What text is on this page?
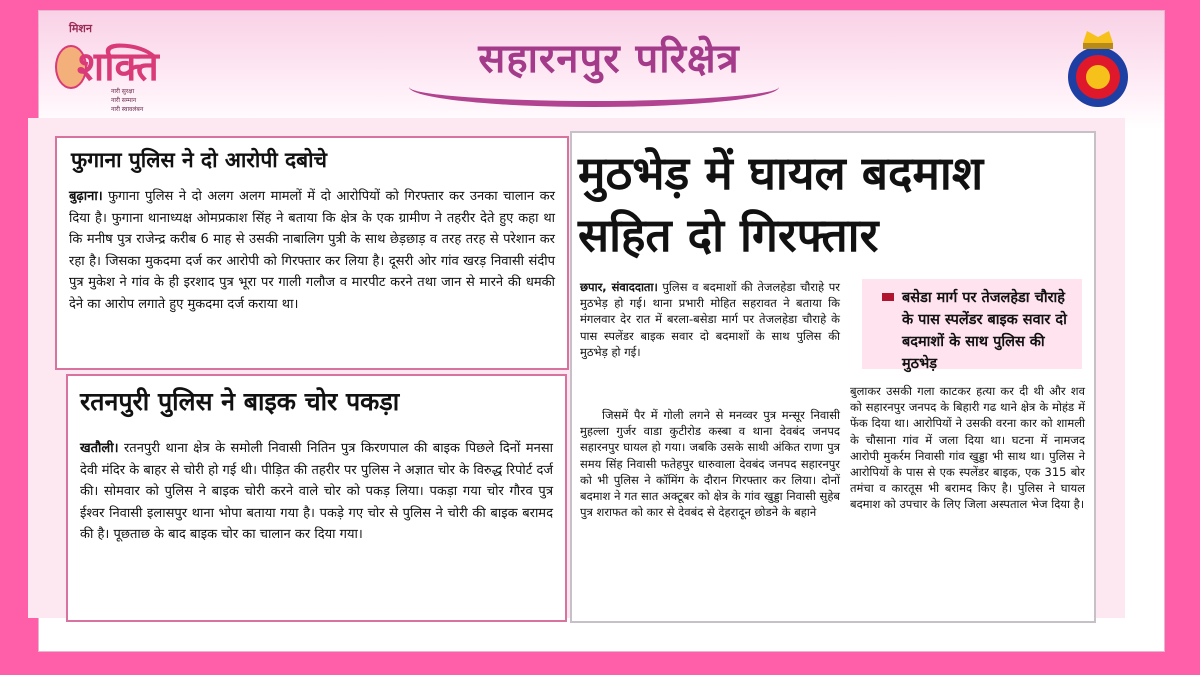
मिशन
शक्ति
नारी सुरक्षा
नारी सम्मान
नारी स्वावलंबन
सहारनपुर परिक्षेत्र
फुगाना पुलिस ने दो आरोपी दबोचे
बुढ़ाना। फुगाना पुलिस ने दो अलग अलग मामलों में दो आरोपियों को गिरफ्तार कर उनका चालान कर दिया है। फुगाना थानाध्यक्ष ओमप्रकाश सिंह ने बताया कि क्षेत्र के एक ग्रामीण ने तहरीर देते हुए कहा था कि मनीष पुत्र राजेन्द्र करीब 6 माह से उसकी नाबालिग पुत्री के साथ छेड़छाड़ व तरह तरह से परेशान कर रहा है। जिसका मुकदमा दर्ज कर आरोपी को गिरफ्तार कर लिया है। दूसरी ओर गांव खरड़ निवासी संदीप पुत्र मुकेश ने गांव के ही इरशाद पुत्र भूरा पर गाली गलौज व मारपीट करने तथा जान से मारने की धमकी देने का आरोप लगाते हुए मुकदमा दर्ज कराया था।
रतनपुरी पुलिस ने बाइक चोर पकड़ा
खतौली। रतनपुरी थाना क्षेत्र के समोली निवासी नितिन पुत्र किरणपाल की बाइक पिछले दिनों मनसा देवी मंदिर के बाहर से चोरी हो गई थी। पीड़ित की तहरीर पर पुलिस ने अज्ञात चोर के विरुद्ध रिपोर्ट दर्ज की। सोमवार को पुलिस ने बाइक चोरी करने वाले चोर को पकड़ लिया। पकड़ा गया चोर गौरव पुत्र ईश्वर निवासी इलासपुर थाना भोपा बताया गया है। पकड़े गए चोर से पुलिस ने चोरी की बाइक बरामद की है। पूछताछ के बाद बाइक चोर का चालान कर दिया गया।
मुठभेड़ में घायल बदमाश
सहित दो गिरफ्तार
छपार, संवाददाता। पुलिस व बदमाशों की तेजलहेडा चौराहे पर मुठभेड़ हो गई। थाना प्रभारी मोहित सहरावत ने बताया कि मंगलवार देर रात में बरला-बसेडा मार्ग पर तेजलहेडा चौराहे के पास स्पलेंडर बाइक सवार दो बदमाशों के साथ पुलिस की मुठभेड़ हो गई।
जिसमें पैर में गोली लगने से मनव्वर पुत्र मन्सूर निवासी मुहल्ला गुर्जर वाडा कुटीरोड कस्बा व थाना देवबंद जनपद सहारनपुर घायल हो गया। जबकि उसके साथी अंकित राणा पुत्र समय सिंह निवासी फतेहपुर धारुवाला देवबंद जनपद सहारनपुर को भी पुलिस ने कॉमिंग के दौरान गिरफ्तार कर लिया। दोनों बदमाश ने गत सात अक्टूबर को क्षेत्र के गांव खुड्डा निवासी सुहेब पुत्र शराफत को कार से देवबंद से देहरादून छोडने के बहाने
बसेडा मार्ग पर तेजलहेडा चौराहे के पास स्पलेंडर बाइक सवार दो बदमाशों के साथ पुलिस की मुठभेड़
बुलाकर उसकी गला काटकर हत्या कर दी थी और शव को सहारनपुर जनपद के बिहारी गढ थाने क्षेत्र के मोहंड में फेंक दिया था। आरोपियों ने उसकी वरना कार को शामली के चौसाना गांव में जला दिया था। घटना में नामजद आरोपी मुकर्रम निवासी गांव खुड्डा भी साथ था। पुलिस ने आरोपियों के पास से एक स्पलेंडर बाइक, एक 315 बोर तमंचा व कारतूस भी बरामद किए है। पुलिस ने घायल बदमाश को उपचार के लिए जिला अस्पताल भेज दिया है।
